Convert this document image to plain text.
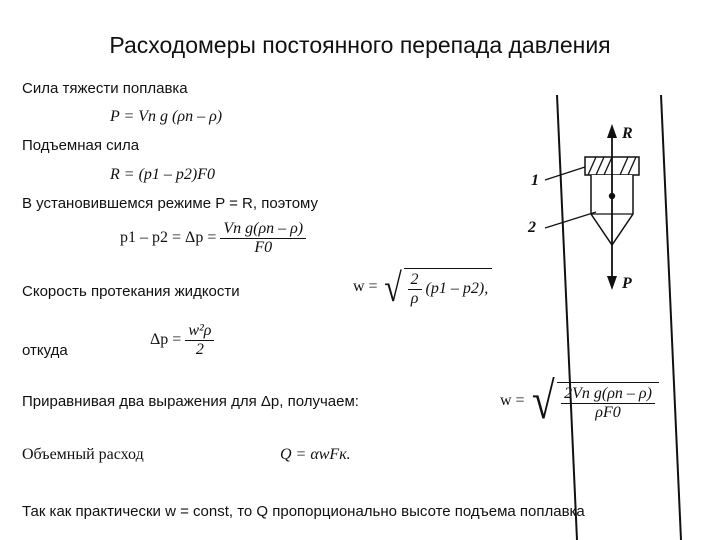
Расходомеры постоянного перепада давления
Сила тяжести поплавка
P = Vп g (ρп – ρ)
Подъемная сила
R = (p1 – p2)F0
В установившемся режиме P = R, поэтому
$p1 - p2 = \Delta p = \frac{\text{Vп g(ρп – ρ)}}{F0}$
Скорость протекания жидкости	w = √ $\frac{2}{\rho} (p1 - p2)$,
откуда
$\Delta p = \frac{\text{w²ρ}}{2}$
Приравнивая два выражения для Δp, получаем:	w = √ $\frac{\text{2Vп g(ρп – ρ)}}{\rho F0}$
Объемный расход	Q = αwFк.
Так как практически w = const, то Q пропорционально высоте подъема поплавка
R
P
1
2
